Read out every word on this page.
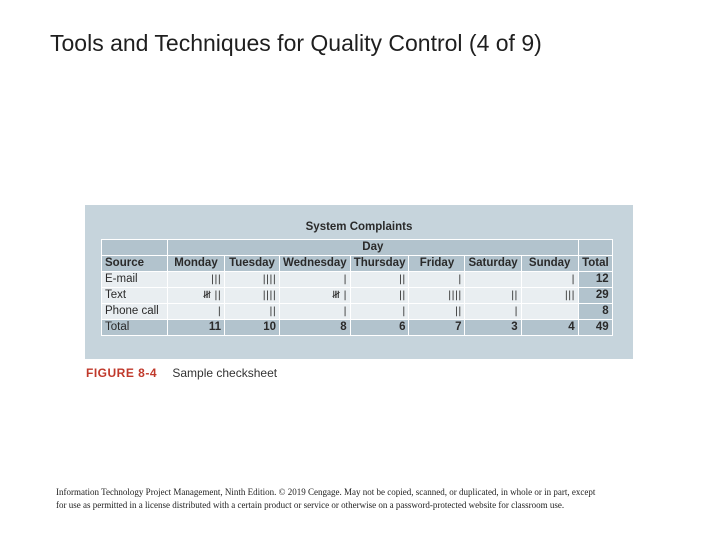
Tools and Techniques for Quality Control (4 of 9)
System Complaints
	Day							
Source	Monday	Tuesday	Wednesday	Thursday	Friday	Saturday	Sunday	Total
E-mail	|||	||||	|	||	|		|	12
Text	𝍸 ||	||||	𝍸 |	||	||||	||	|||	29
Phone call	|	||	|	|	||	|		8
Total	11	10	8	6	7	3	4	49
FIGURE 8-4 Sample checksheet
Information Technology Project Management, Ninth Edition. © 2019 Cengage. May not be copied, scanned, or duplicated, in whole or in part, except
for use as permitted in a license distributed with a certain product or service or otherwise on a password-protected website for classroom use.
